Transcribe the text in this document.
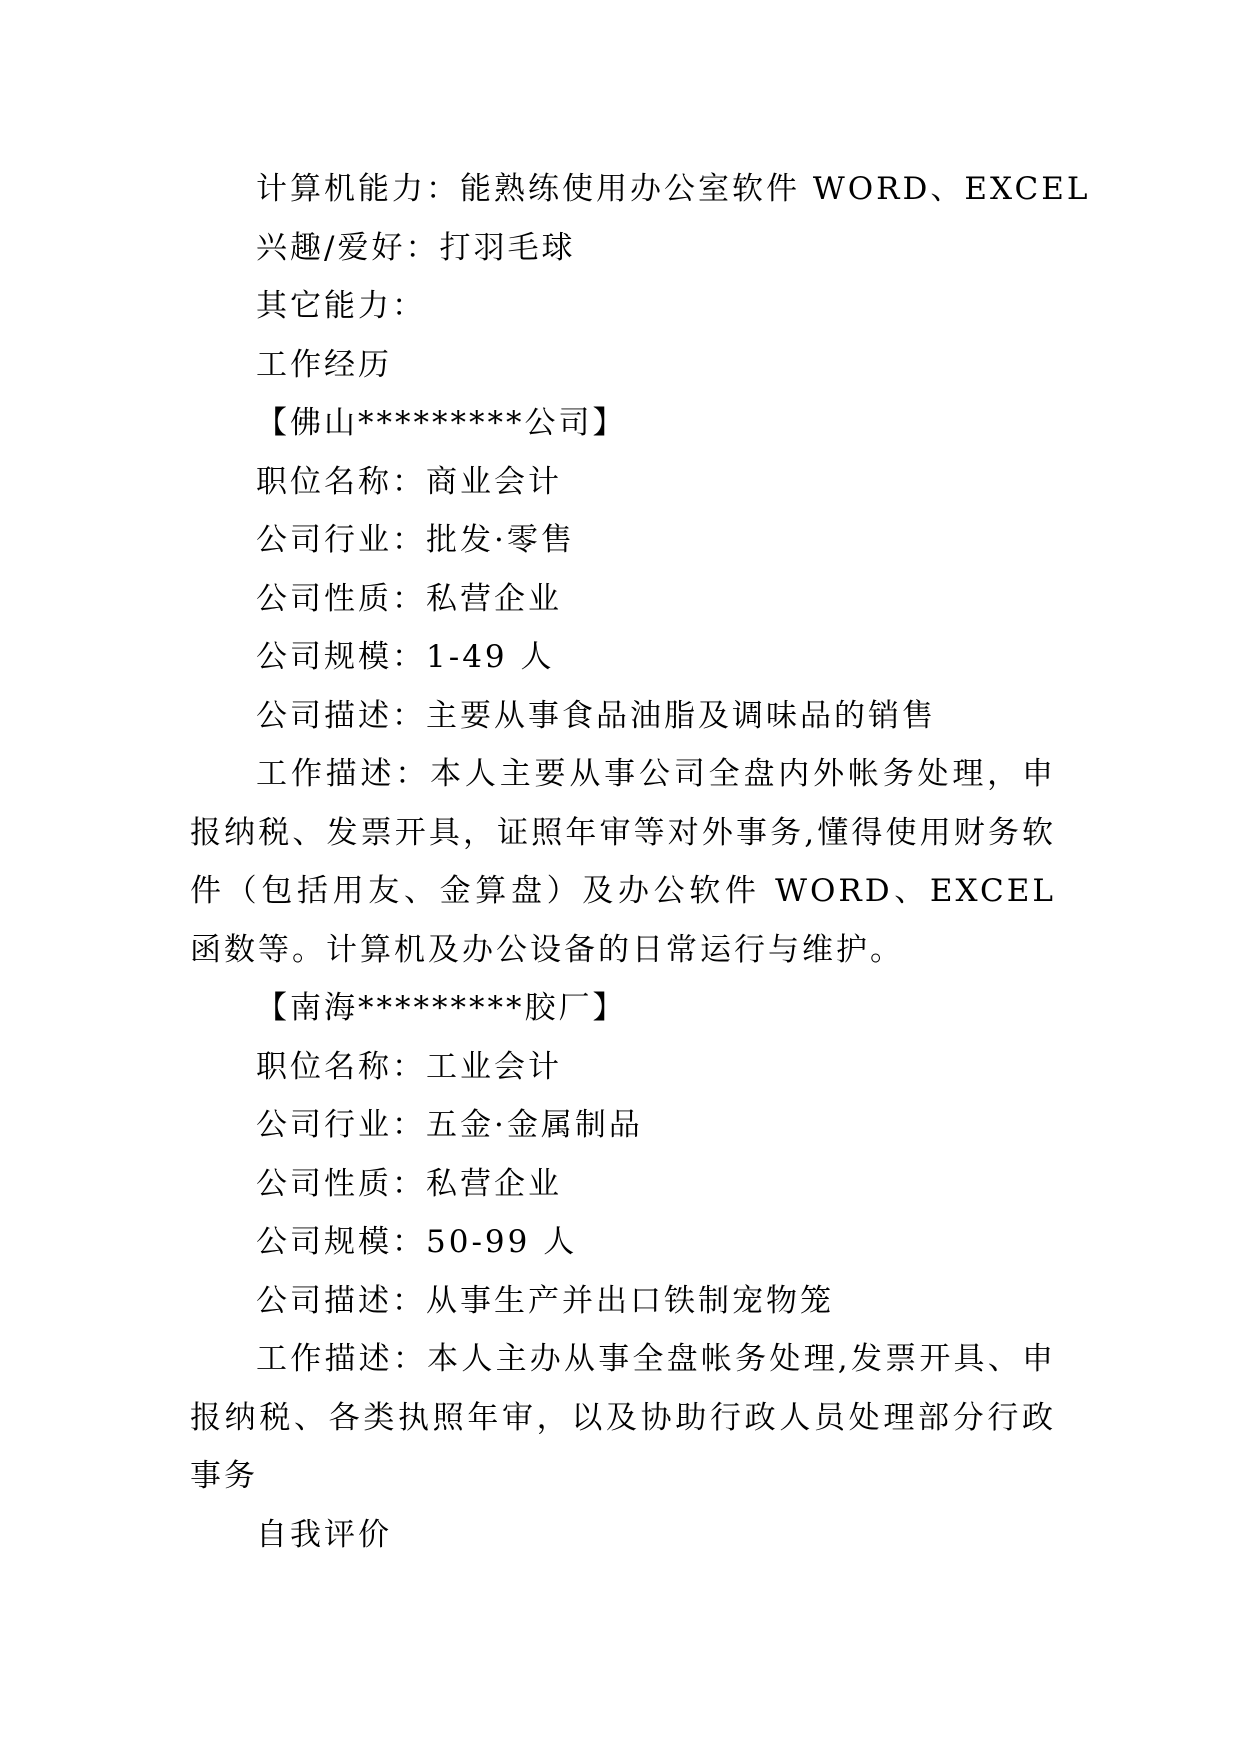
计算机能力：能熟练使用办公室软件 WORD、EXCEL
兴趣/爱好：打羽毛球
其它能力：
工作经历
【佛山*********公司】
职位名称：商业会计
公司行业：批发·零售
公司性质：私营企业
公司规模：1-49 人
公司描述：主要从事食品油脂及调味品的销售
工作描述：本人主要从事公司全盘内外帐务处理，申报纳税、发票开具，证照年审等对外事务,懂得使用财务软件（包括用友、金算盘）及办公软件 WORD、EXCEL 函数等。计算机及办公设备的日常运行与维护。
【南海*********胶厂】
职位名称：工业会计
公司行业：五金·金属制品
公司性质：私营企业
公司规模：50-99 人
公司描述：从事生产并出口铁制宠物笼
工作描述：本人主办从事全盘帐务处理,发票开具、申报纳税、各类执照年审，以及协助行政人员处理部分行政事务
自我评价
